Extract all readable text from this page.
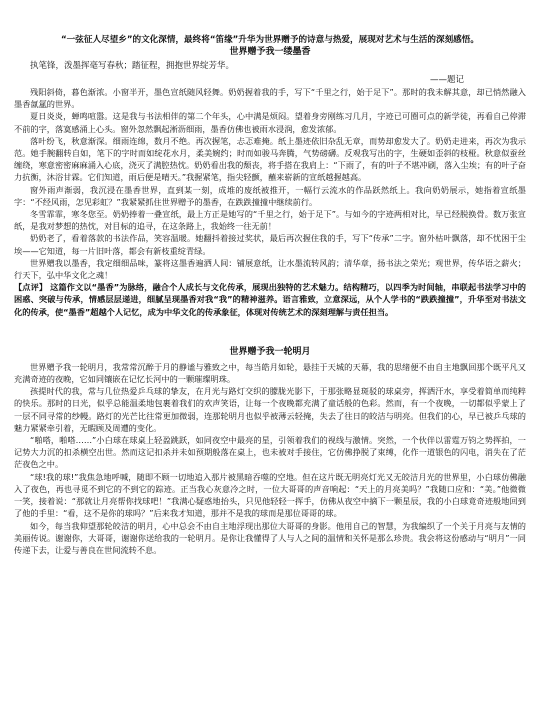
“一弦征人尽望乡”的文化深情，最终将“笛缘”升华为世界赠予的诗意与热爱，展现对艺术与生活的深刻感悟。
世界赠予我一缕墨香
执笔锋，泼墨挥毫写春秋；踏征程，拥抱世界绽芳华。
——题记

残阳斜倚，暮色渐浓。小窗半开，墨色宣纸随风轻舞。奶奶握着我的手，写下“千里之行，始于足下”。那时的我未解其意，却已悄然融入墨香氤氲的世界。

夏日炎炎，蝉鸣喧嚣。这是我与书法相伴的第二个年头，心中满是烦闷。望着身旁刚练习几月，字迹已可圈可点的新学徒，再看自己停滞不前的字，落寞感涌上心头。窗外忽然飘起淅沥细雨，墨香仿佛也被雨水浸润，愈发浓郁。

落叶纷飞，秋意渐深。细雨连绵，数月不绝。再次握笔，忐忑难掩。纸上墨迹依旧杂乱无章，而势却愈发大了。奶奶走进来，再次为我示范。她手腕翻转自如，笔下的字时而如绽花水月，柔美婉约；时而如骏马奔腾，气势磅礴。反观我写出的字，生硬如歪斜的枝桠。秋意似蚕丝缠绕，寒意密密麻麻涌入心底，浇灭了满腔热忱。奶奶看出我的颓丧，将手搭在我肩上：“下雨了，有的叶子不堪冲刷，落入尘埃；有的叶子奋力抗衡，沐浴甘霖。它们知道，雨后便是晴天。”我握紧笔，指尖轻颤，蘸来崭新的宣纸越握越高。

窗外雨声渐弱，我沉浸在墨香世界，直到某一刻，成堆的废纸被推开，一幅行云流水的作品跃然纸上。我向奶奶展示，她指着宣纸墨字：“不经风雨，怎见彩虹？”我紧紧抓住世界赠予的墨香，在跌跌撞撞中继续前行。

冬雪霏霏，寒冬您至。奶奶捧着一叠宣纸，最上方正是她写的“千里之行，始于足下”。与如今的字迹两相对比，早已经脱换骨。数万张宣纸，是我对梦想的热忱，对目标的追寻，在这条路上，我始终一往无前！

奶奶老了，看着落款的书法作品，笑容温暖。她翻抖着接过奖状，最后再次握住我的手，写下“传承”二字。窗外枯叶飘落，却不忧困于尘埃——它知道，每一片旧叶落，都会有新枝重绽青绿。

世界赠我以墨香，我定细细品味，篆将这墨香遍洒人间：铺展意纸，让水墨流转风韵；清华章，扬书法之荣光；观世界，传华语之薪火；行天下，弘中华文化之魂！

【点评】 这篇作文以“墨香”为脉络，融合个人成长与文化传承，展现出独特的艺术魅力。结构精巧，以四季为时间轴，串联起书法学习中的困惑、突破与传承，情感层层递进，细腻呈现墨香对我“我”的精神滋养。语言雅致，立意深远，从个人学书的“跌跌撞撞”，升华至对书法文化的传承，使“墨香”超越个人记忆，成为中华文化的传承象征，体现对传统艺术的深刻理解与责任担当。

世界赠予我一轮明月

世界赠予我一轮明月，我常常沉醉于月的静谧与雅致之中，每当皓月如轮，悬挂于天城的天幕，我的思绪便不由自主地飘回那个既平凡又充满奇迹的夜晚，它如同镶嵌在记忆长河中的一颗璀璨明珠。

孩提时代的我，常与几位热爱乒乓球的挚友，在月光与路灯交织的朦胧光影下，于那张略显斑驳的球桌旁，挥洒汗水，享受着简单而纯粹的快乐。那时的日光，似乎总能温柔地包裹着我们的欢声笑语，让每一个夜晚都充满了童话般的色彩。然而，有一个夜晚，一切都似乎蒙上了一层不同寻常的纱幔。路灯的光芒比往常更加微弱，连那轮明月也似乎被薄云轻掩，失去了往日的皎洁与明亮。但我们的心，早已被乒乓球的魅力紧紧牵引着，无暇顾及周遭的变化。

“啪嗒，啪嗒……”小白球在球桌上轻盈跳跃，如同夜空中最亮的星，引领着我们的视线与激情。突然，一个伙伴以雷霆万钧之势挥拍，一记势大力沉的扣杀横空出世。然而这记扣杀并未如预期般落在桌上，也未被对手接住，它仿佛挣脱了束缚，化作一道银色的闪电，消失在了茫茫夜色之中。

“球!我的球!”我焦急地呼喊，随即不顾一切地追入那片被黑暗吞噬的空地。但在这片既无明亮灯光又无皎洁月光的世界里，小白球仿佛融入了夜色，再也寻觅不到它的不到它的踪迹。正当我心灰意冷之时，一位大哥哥的声音响起：“天上的月亮美吗？”我随口应和：“美。”他微微一笑，接着说：“那就让月亮帮你找球吧！”我满心疑惑地抬头，只见他轻轻一挥手，仿佛从夜空中摘下一颗星辰，我的小白球竟奇迹般地回到了他的手里：“看，这不是你的球吗？”后来我才知道，那并不是我的球而是那位哥哥的球。

如今，每当我仰望那轮皎洁的明月，心中总会不由自主地浮现出那位大哥哥的身影。他用自己的智慧，为我编织了一个关于月亮与友情的美丽传说。谢谢你，大哥哥，谢谢你送给我的一轮明月。是你让我懂得了人与人之间的温情和关怀是那么珍贵。我会将这份感动与“明月”一同传递下去，让爱与善良在世间流转不息。
